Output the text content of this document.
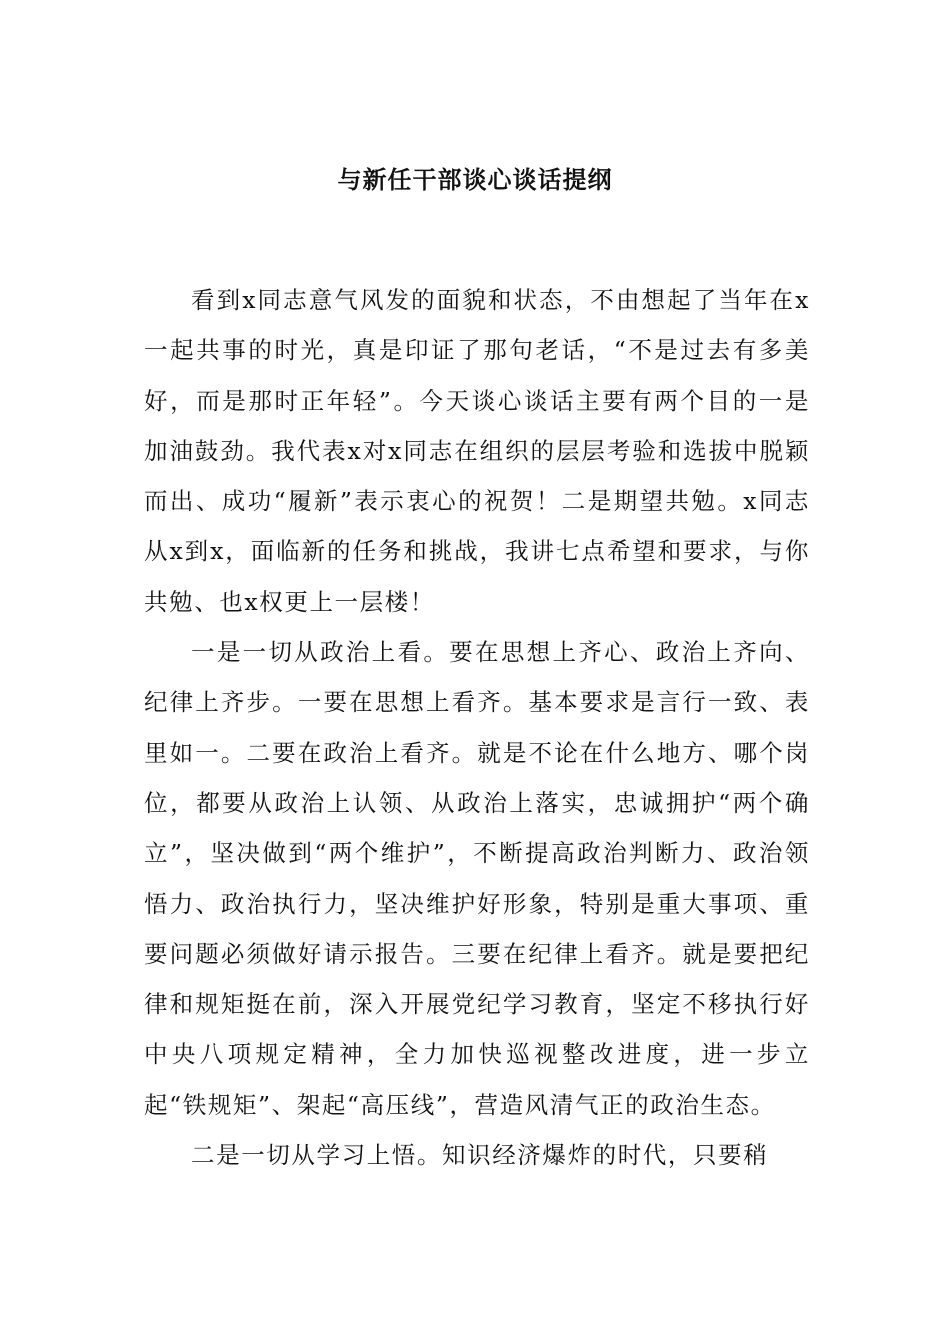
与新任干部谈心谈话提纲

看到x同志意气风发的面貌和状态，不由想起了当年在x一起共事的时光，真是印证了那句老话，“不是过去有多美好，而是那时正年轻”。今天谈心谈话主要有两个目的一是加油鼓劲。我代表x对x同志在组织的层层考验和选拔中脱颖而出、成功“履新”表示衷心的祝贺！二是期望共勉。x同志从x到x，面临新的任务和挑战，我讲七点希望和要求，与你共勉、也x权更上一层楼！

一是一切从政治上看。要在思想上齐心、政治上齐向、纪律上齐步。一要在思想上看齐。基本要求是言行一致、表里如一。二要在政治上看齐。就是不论在什么地方、哪个岗位，都要从政治上认领、从政治上落实，忠诚拥护“两个确立”，坚决做到“两个维护”，不断提高政治判断力、政治领悟力、政治执行力，坚决维护好形象，特别是重大事项、重要问题必须做好请示报告。三要在纪律上看齐。就是要把纪律和规矩挺在前，深入开展党纪学习教育，坚定不移执行好中央八项规定精神，全力加快巡视整改进度，进一步立起“铁规矩”、架起“高压线”，营造风清气正的政治生态。

二是一切从学习上悟。知识经济爆炸的时代，只要稍
